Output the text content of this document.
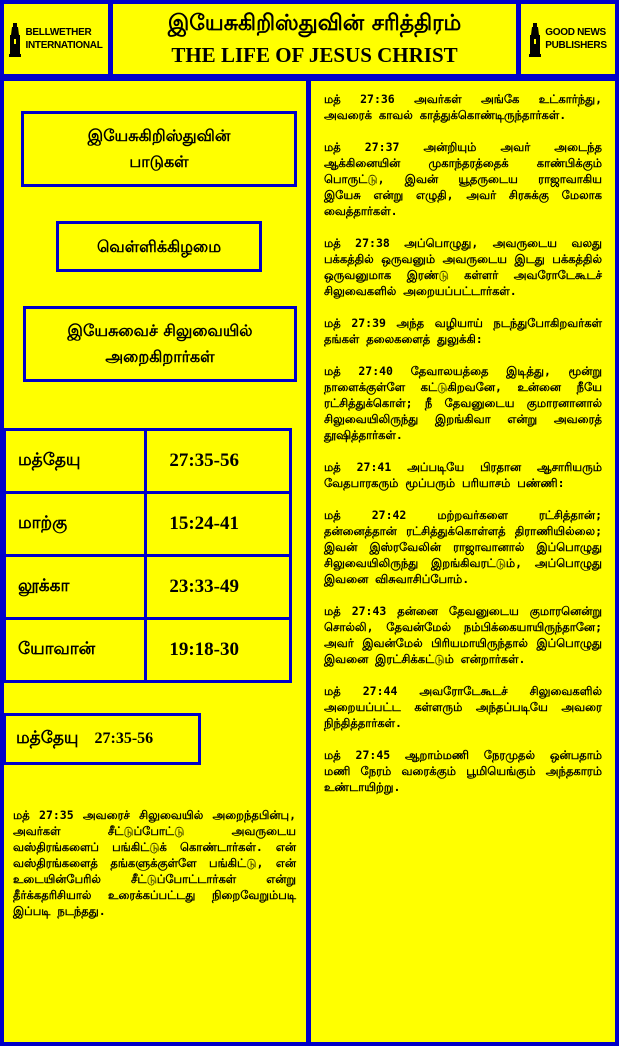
BELLWETHER
INTERNATIONAL
இயேசுகிறிஸ்துவின் சரித்திரம்
THE LIFE OF JESUS CHRIST
GOOD NEWS
PUBLISHERS
இயேசுகிறிஸ்துவின் பாடுகள்
வெள்ளிக்கிழமை
இயேசுவைச் சிலுவையில் அறைகிறார்கள்
மத்தேயு	27:35-56
மாற்கு	15:24-41
லூக்கா	23:33-49
யோவான்	19:18-30
மத்தேயு 27:35-56

மத் 27:35 அவரைச் சிலுவையில் அறைந்தபின்பு, அவர்கள் சீட்டுப்போட்டு அவருடைய வஸ்திரங்களைப் பங்கிட்டுக் கொண்டார்கள். என் வஸ்திரங்களைத் தங்களுக்குள்ளே பங்கிட்டு, என் உடையின்பேரில் சீட்டுப்போட்டார்கள் என்று தீர்க்கதரிசியால் உரைக்கப்பட்டது நிறைவேறும்படி இப்படி நடந்தது.

மத் 27:36 அவர்கள் அங்கே உட்கார்ந்து, அவரைக் காவல் காத்துக்கொண்டிருந்தார்கள்.

மத் 27:37 அன்றியும் அவர் அடைந்த ஆக்கினையின் முகாந்தரத்தைக் காண்பிக்கும் பொருட்டு, இவன் யூதருடைய ராஜாவாகிய இயேசு என்று எழுதி, அவர் சிரசுக்கு மேலாக வைத்தார்கள்.

மத் 27:38 அப்பொழுது, அவருடைய வலது பக்கத்தில் ஒருவனும் அவருடைய இடது பக்கத்தில் ஒருவனுமாக இரண்டு கள்ளர் அவரோடேகூடச் சிலுவைகளில் அறையப்பட்டார்கள்.

மத் 27:39 அந்த வழியாய் நடந்துபோகிறவர்கள் தங்கள் தலைகளைத் துலுக்கி:

மத் 27:40 தேவாலயத்தை இடித்து, மூன்று நாளைக்குள்ளே கட்டுகிறவனே, உன்னை நீயே ரட்சித்துக்கொள்; நீ தேவனுடைய குமாரனானால் சிலுவையிலிருந்து இறங்கிவா என்று அவரைத் தூஷித்தார்கள்.

மத் 27:41 அப்படியே பிரதான ஆசாரியரும் வேதபாரகரும் மூப்பரும் பரியாசம் பண்ணி:

மத் 27:42 மற்றவர்களை ரட்சித்தான்; தன்னைத்தான் ரட்சித்துக்கொள்ளத் திராணியில்லை; இவன் இஸ்ரவேலின் ராஜாவானால் இப்பொழுது சிலுவையிலிருந்து இறங்கிவரட்டும், அப்பொழுது இவனை விசுவாசிப்போம்.

மத் 27:43 தன்னை தேவனுடைய குமாரனென்று சொல்லி, தேவன்மேல் நம்பிக்கையாயிருந்தானே; அவர் இவன்மேல் பிரியமாயிருந்தால் இப்பொழுது இவனை இரட்சிக்கட்டும் என்றார்கள்.

மத் 27:44 அவரோடேகூடச் சிலுவைகளில் அறையப்பட்ட கள்ளரும் அந்தப்படியே அவரை நிந்தித்தார்கள்.

மத் 27:45 ஆறாம்மணி நேரமுதல் ஒன்பதாம் மணி நேரம் வரைக்கும் பூமியெங்கும் அந்தகாரம் உண்டாயிற்று.
